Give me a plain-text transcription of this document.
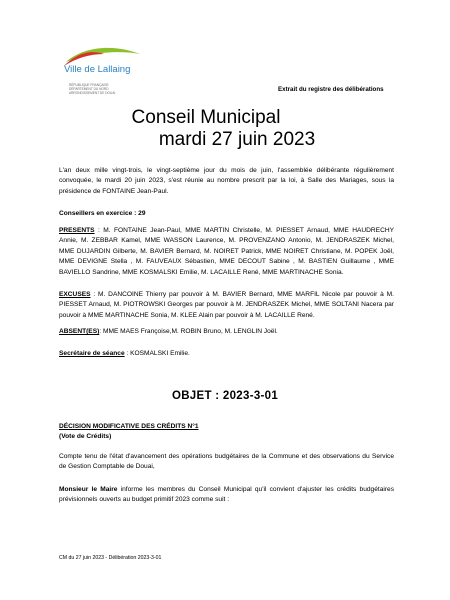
Ville de Lallaing
RÉPUBLIQUE FRANÇAISE
DÉPARTEMENT DU NORD
ARRONDISSEMENT DE DOUAI	Extrait du registre des délibérations
Conseil Municipal
mardi 27 juin 2023
L'an deux mille vingt-trois, le vingt-septième jour du mois de juin, l'assemblée délibérante régulièrement convoquée, le mardi 20 juin 2023, s'est réunie au nombre prescrit par la loi, à Salle des Mariages, sous la présidence de FONTAINE Jean-Paul.
Conseillers en exercice : 29
PRESENTS : M. FONTAINE Jean-Paul, MME MARTIN Christelle, M. PIESSET Arnaud, MME HAUDRECHY Annie, M. ZEBBAR Kamel, MME WASSON Laurence, M. PROVENZANO Antonio, M. JENDRASZEK Michel, MME DUJARDIN Gilberte, M. BAVIER Bernard, M. NOIRET Patrick, MME NOIRET Christiane, M. POPEK Joël, MME DEVIGNE Stella , M. FAUVEAUX Sébastien, MME DECOUT Sabine , M. BASTIEN Guillaume , MME BAVIELLO Sandrine, MME KOSMALSKI Emilie, M. LACAILLE René, MME MARTINACHE Sonia.
EXCUSES : M. DANCOINE Thierry par pouvoir à M. BAVIER Bernard, MME MARFIL Nicole par pouvoir à M. PIESSET Arnaud, M. PIOTROWSKI Georges par pouvoir à M. JENDRASZEK Michel, MME SOLTANI Nacera par pouvoir à MME MARTINACHE Sonia, M. KLEE Alain par pouvoir à M. LACAILLE René.
ABSENT(ES): MME MAES Françoise,M. ROBIN Bruno, M. LENGLIN Joël.
Secrétaire de séance : KOSMALSKI Emilie.
OBJET : 2023-3-01
DÉCISION MODIFICATIVE DES CRÉDITS N°1
(Vote de Crédits)
Compte tenu de l'état d'avancement des opérations budgétaires de la Commune et des observations du Service de Gestion Comptable de Douai,
Monsieur le Maire informe les membres du Conseil Municipal qu'il convient d'ajuster les crédits budgétaires prévisionnels ouverts au budget primitif 2023 comme suit :
CM du 27 juin 2023 - Délibération 2023-3-01
